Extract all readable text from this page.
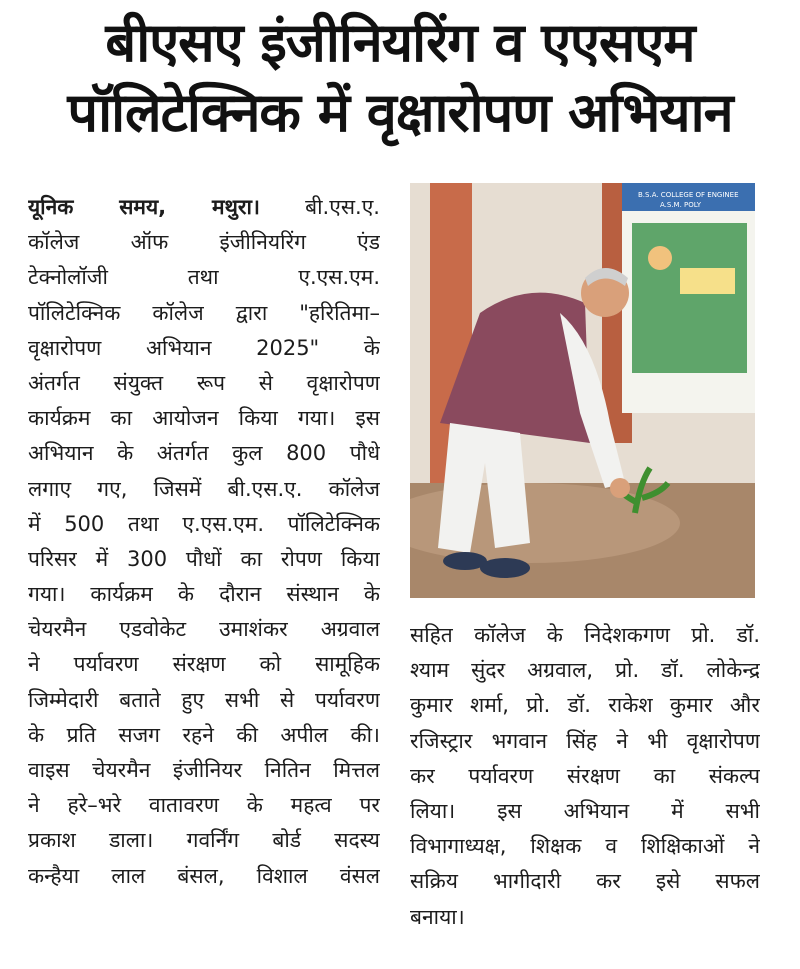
बीएसए इंजीनियरिंग व एएसएम
पॉलिटेक्निक में वृक्षारोपण अभियान
यूनिक समय, मथुरा। बी.एस.ए.
कॉलेज ऑफ इंजीनियरिंग एंड
टेक्नोलॉजी तथा ए.एस.एम.
पॉलिटेक्निक कॉलेज द्वारा "हरितिमा–
वृक्षारोपण अभियान 2025" के
अंतर्गत संयुक्त रूप से वृक्षारोपण
कार्यक्रम का आयोजन किया गया। इस
अभियान के अंतर्गत कुल 800 पौधे
लगाए गए, जिसमें बी.एस.ए. कॉलेज
में 500 तथा ए.एस.एम. पॉलिटेक्निक
परिसर में 300 पौधों का रोपण किया
गया। कार्यक्रम के दौरान संस्थान के
चेयरमैन एडवोकेट उमाशंकर अग्रवाल
ने पर्यावरण संरक्षण को सामूहिक
जिम्मेदारी बताते हुए सभी से पर्यावरण
के प्रति सजग रहने की अपील की।
वाइस चेयरमैन इंजीनियर नितिन मित्तल
ने हरे–भरे वातावरण के महत्व पर
प्रकाश डाला। गवर्निंग बोर्ड सदस्य
कन्हैया लाल बंसल, विशाल वंसल
B.S.A. COLLEGE OF ENGINEE
A.S.M. POLY
सहित कॉलेज के निदेशकगण प्रो. डॉ.
श्याम सुंदर अग्रवाल, प्रो. डॉ. लोकेन्द्र
कुमार शर्मा, प्रो. डॉ. राकेश कुमार और
रजिस्ट्रार भगवान सिंह ने भी वृक्षारोपण
कर पर्यावरण संरक्षण का संकल्प
लिया। इस अभियान में सभी
विभागाध्यक्ष, शिक्षक व शिक्षिकाओं ने
सक्रिय भागीदारी कर इसे सफल
बनाया।
